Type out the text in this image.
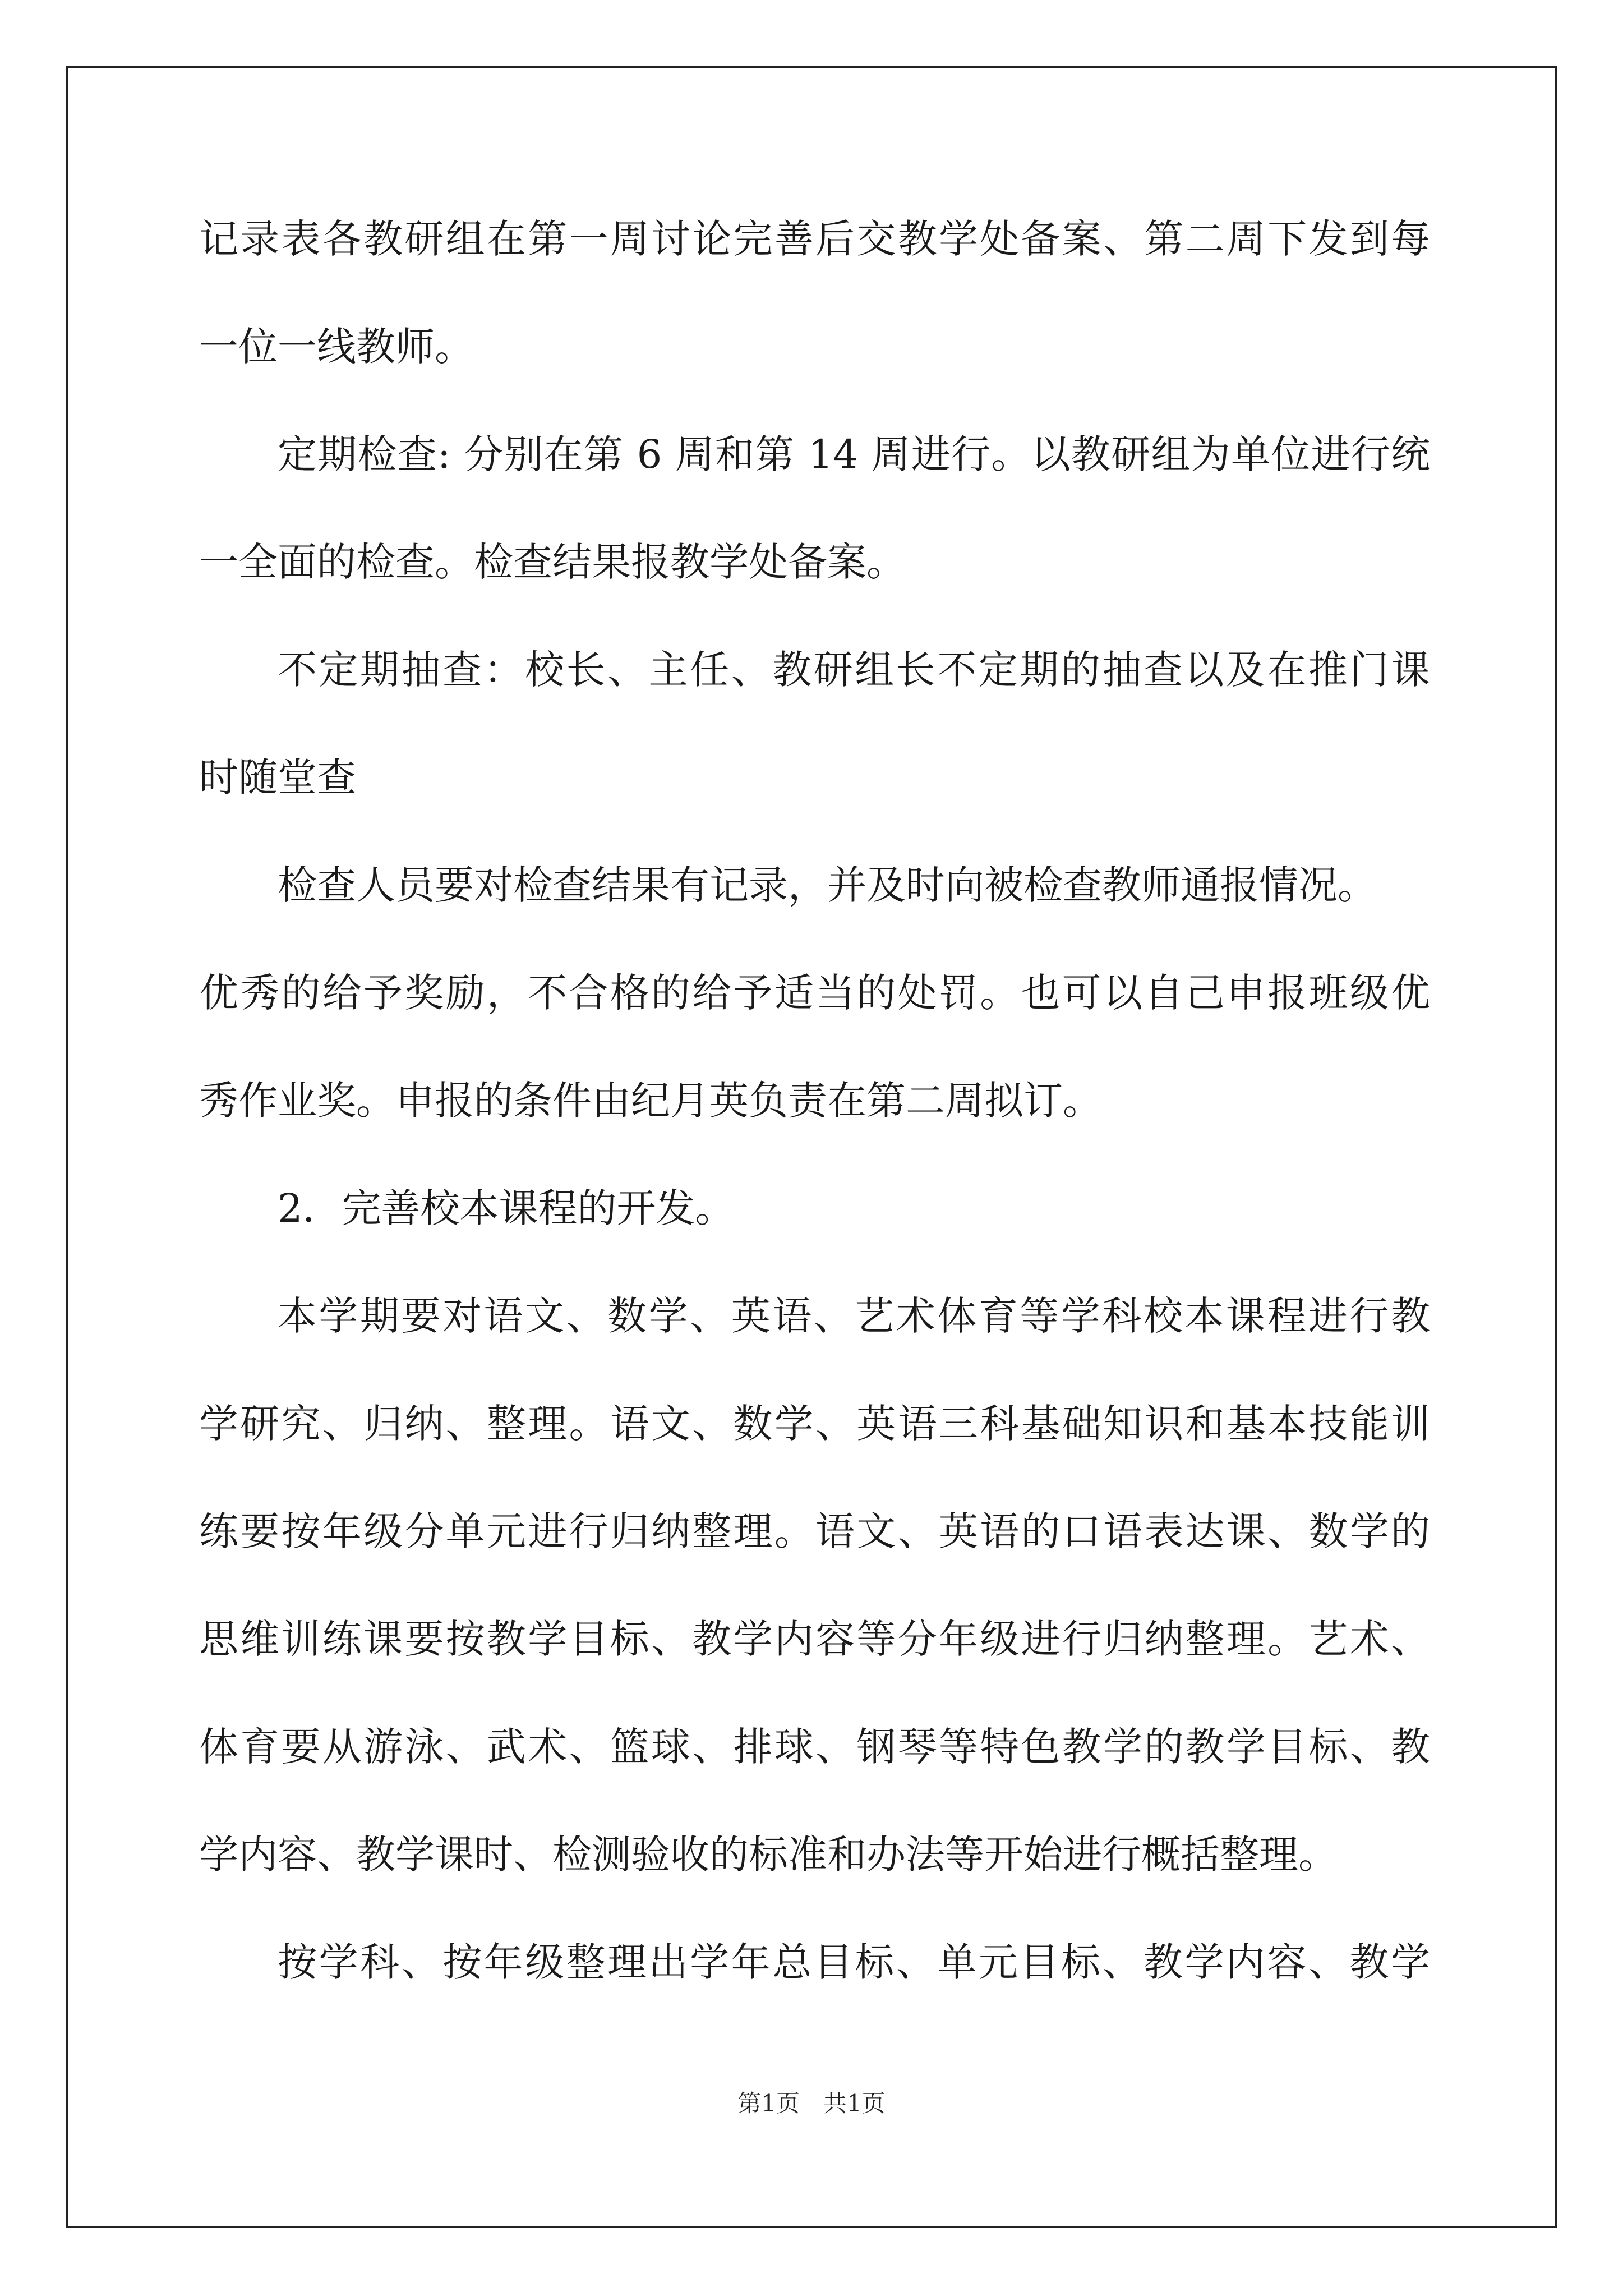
记录表各教研组在第一周讨论完善后交教学处备案、第二周下发到每
一位一线教师。
定期检查: 分别在第 6 周和第 14 周进行。以教研组为单位进行统
一全面的检查。检查结果报教学处备案。
不定期抽查：校长、主任、教研组长不定期的抽查以及在推门课
时随堂查
检查人员要对检查结果有记录，并及时向被检查教师通报情况。
优秀的给予奖励，不合格的给予适当的处罚。也可以自己申报班级优
秀作业奖。申报的条件由纪月英负责在第二周拟订。
2．完善校本课程的开发。
本学期要对语文、数学、英语、艺术体育等学科校本课程进行教
学研究、归纳、整理。语文、数学、英语三科基础知识和基本技能训
练要按年级分单元进行归纳整理。语文、英语的口语表达课、数学的
思维训练课要按教学目标、教学内容等分年级进行归纳整理。艺术、
体育要从游泳、武术、篮球、排球、钢琴等特色教学的教学目标、教
学内容、教学课时、检测验收的标准和办法等开始进行概括整理。
按学科、按年级整理出学年总目标、单元目标、教学内容、教学
第1页　共1页
